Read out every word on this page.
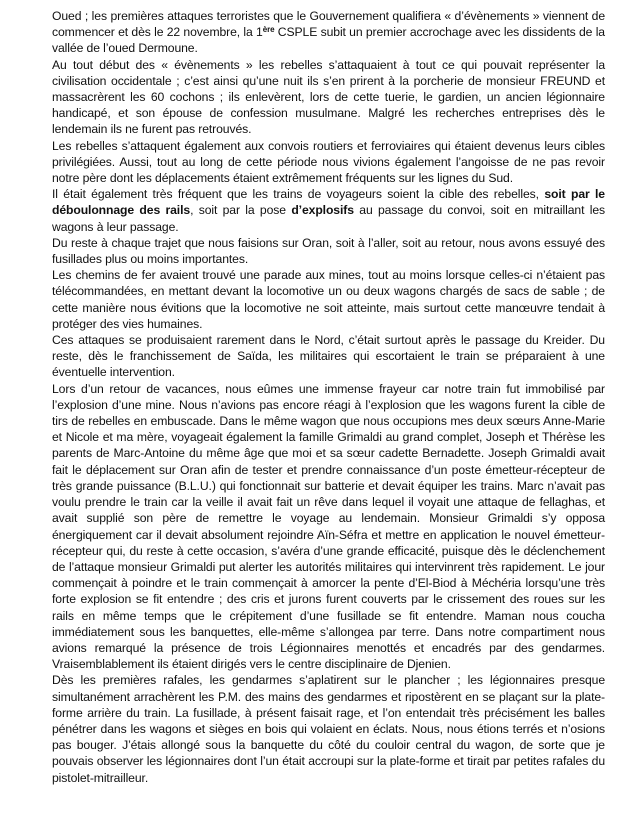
Oued ; les premières attaques terroristes que le Gouvernement qualifiera « d’évènements » viennent de commencer et dès le 22 novembre, la 1ère CSPLE subit un premier accrochage avec les dissidents de la vallée de l’oued Dermoune.

Au tout début des « évènements » les rebelles s’attaquaient à tout ce qui pouvait représenter la civilisation occidentale ; c’est ainsi qu’une nuit ils s’en prirent à la porcherie de monsieur FREUND et massacrèrent les 60 cochons ; ils enlevèrent, lors de cette tuerie, le gardien, un ancien légionnaire handicapé, et son épouse de confession musulmane. Malgré les recherches entreprises dès le lendemain ils ne furent pas retrouvés.

Les rebelles s’attaquent également aux convois routiers et ferroviaires qui étaient devenus leurs cibles privilégiées. Aussi, tout au long de cette période nous vivions également l’angoisse de ne pas revoir notre père dont les déplacements étaient extrêmement fréquents sur les lignes du Sud.

Il était également très fréquent que les trains de voyageurs soient la cible des rebelles, soit par le déboulonnage des rails, soit par la pose d’explosifs au passage du convoi, soit en mitraillant les wagons à leur passage.

Du reste à chaque trajet que nous faisions sur Oran, soit à l’aller, soit au retour, nous avons essuyé des fusillades plus ou moins importantes.

Les chemins de fer avaient trouvé une parade aux mines, tout au moins lorsque celles-ci n’étaient pas télécommandées, en mettant devant la locomotive un ou deux wagons chargés de sacs de sable ; de cette manière nous évitions que la locomotive ne soit atteinte, mais surtout cette manœuvre tendait à protéger des vies humaines.

Ces attaques se produisaient rarement dans le Nord, c’était surtout après le passage du Kreider. Du reste, dès le franchissement de Saïda, les militaires qui escortaient le train se préparaient à une éventuelle intervention.

Lors d’un retour de vacances, nous eûmes une immense frayeur car notre train fut immobilisé par l’explosion d’une mine. Nous n’avions pas encore réagi à l’explosion que les wagons furent la cible de tirs de rebelles en embuscade. Dans le même wagon que nous occupions mes deux sœurs Anne-Marie et Nicole et ma mère, voyageait également la famille Grimaldi au grand complet, Joseph et Thérèse les parents de Marc-Antoine du même âge que moi et sa sœur cadette Bernadette. Joseph Grimaldi avait fait le déplacement sur Oran afin de tester et prendre connaissance d’un poste émetteur-récepteur de très grande puissance (B.L.U.) qui fonctionnait sur batterie et devait équiper les trains. Marc n’avait pas voulu prendre le train car la veille il avait fait un rêve dans lequel il voyait une attaque de fellaghas, et avait supplié son père de remettre le voyage au lendemain. Monsieur Grimaldi s’y opposa énergiquement car il devait absolument rejoindre Aïn-Séfra et mettre en application le nouvel émetteur-récepteur qui, du reste à cette occasion, s’avéra d’une grande efficacité, puisque dès le déclenchement de l’attaque monsieur Grimaldi put alerter les autorités militaires qui intervinrent très rapidement. Le jour commençait à poindre et le train commençait à amorcer la pente d’El-Biod à Méchéria lorsqu’une très forte explosion se fit entendre ; des cris et jurons furent couverts par le crissement des roues sur les rails en même temps que le crépitement d’une fusillade se fit entendre. Maman nous coucha immédiatement sous les banquettes, elle-même s’allongea par terre. Dans notre compartiment nous avions remarqué la présence de trois Légionnaires menottés et encadrés par des gendarmes. Vraisemblablement ils étaient dirigés vers le centre disciplinaire de Djenien.

Dès les premières rafales, les gendarmes s’aplatirent sur le plancher ; les légionnaires presque simultanément arrachèrent les P.M. des mains des gendarmes et ripostèrent en se plaçant sur la plate-forme arrière du train. La fusillade, à présent faisait rage, et l’on entendait très précisément les balles pénétrer dans les wagons et sièges en bois qui volaient en éclats. Nous, nous étions terrés et n’osions pas bouger. J’étais allongé sous la banquette du côté du couloir central du wagon, de sorte que je pouvais observer les légionnaires dont l’un était accroupi sur la plate-forme et tirait par petites rafales du pistolet-mitrailleur.
